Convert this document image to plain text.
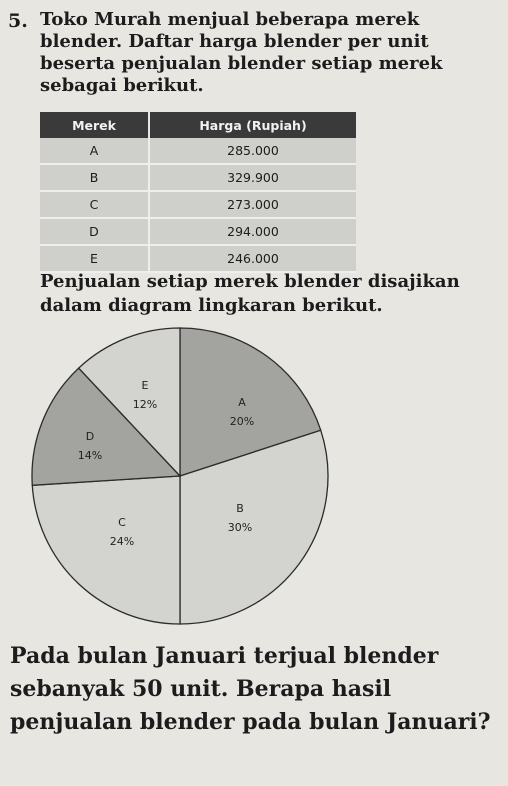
5. Toko Murah menjual beberapa merek blender. Daftar harga blender per unit beserta penjualan blender setiap merek sebagai berikut.
Merek	Harga (Rupiah)
A	285.000
B	329.900
C	273.000
D	294.000
E	246.000
Penjualan setiap merek blender disajikan dalam diagram lingkaran berikut.
A
20%
B
30%
C
24%
D
14%
E
12%
Pada bulan Januari terjual blender sebanyak 50 unit. Berapa hasil penjualan blender pada bulan Januari?
